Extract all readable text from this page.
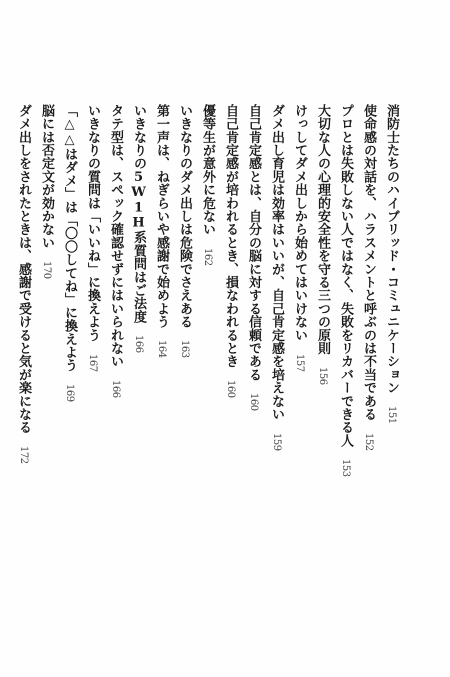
消防士たちのハイブリッド・コミュニケーション151
使命感の対話を、ハラスメントと呼ぶのは不当である152
プロとは失敗しない人ではなく、失敗をリカバーできる人153
大切な人の心理的安全性を守る三つの原則156
けっしてダメ出しから始めてはいけない157
ダメ出し育児は効率はいいが、自己肯定感を培えない159
自己肯定感とは、自分の脳に対する信頼である160
自己肯定感が培われるとき、損なわれるとき160
優等生が意外に危ない162
いきなりのダメ出しは危険でさえある163
第一声は、ねぎらいや感謝で始めよう164
いきなりの5W1H系質問はご法度166
タテ型は、スペック確認せずにはいられない166
いきなりの質問は「いいね」に換えよう167
「△△はダメ」は「〇〇してね」に換えよう169
脳には否定文が効かない170
ダメ出しをされたときは、感謝で受けると気が楽になる172
